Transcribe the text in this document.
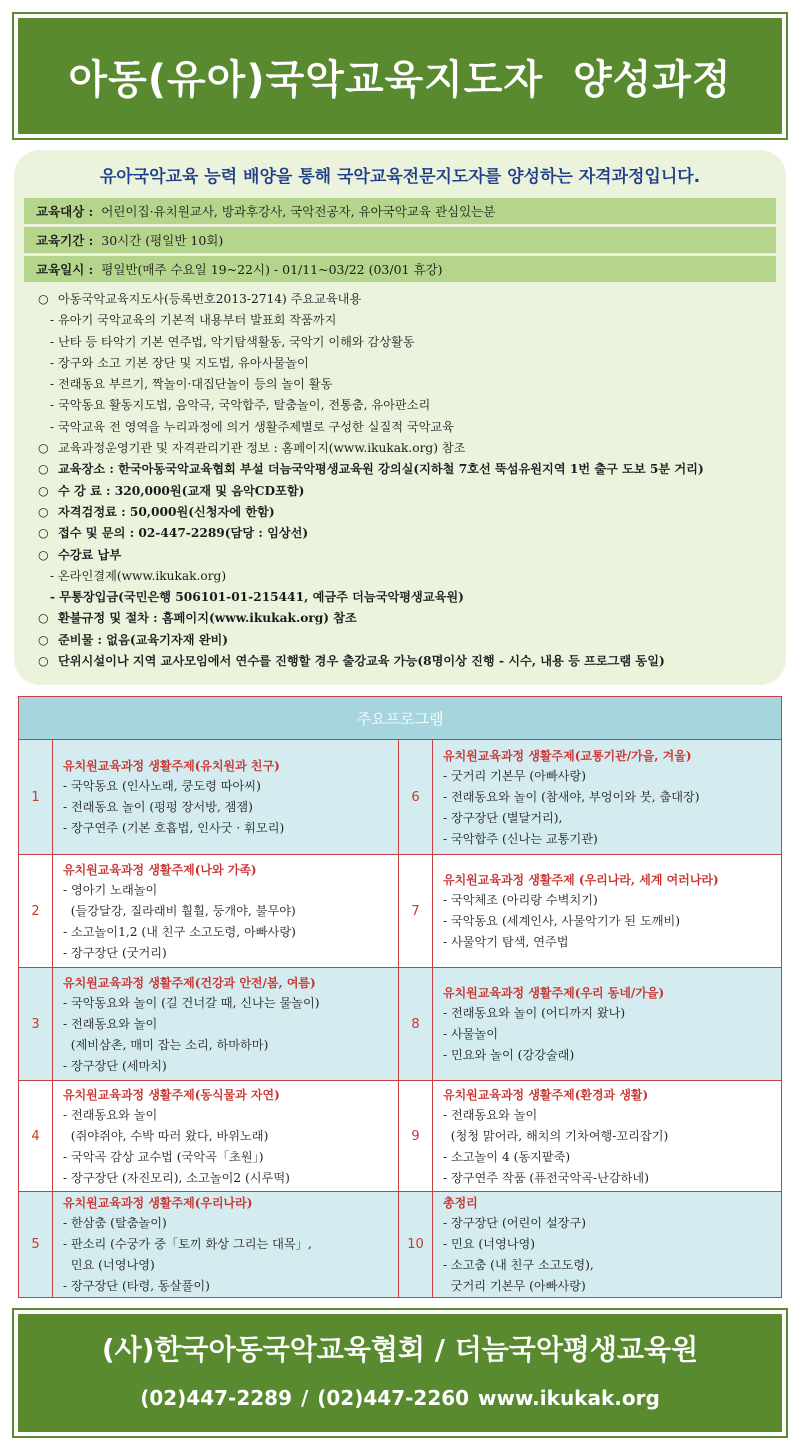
아동(유아)국악교육지도자  양성과정
유아국악교육 능력 배양을 통해 국악교육전문지도자를 양성하는 자격과정입니다.
교육대상 : 어린이집·유치원교사, 방과후강사, 국악전공자, 유아국악교육 관심있는분
교육기간 : 30시간 (평일반 10회)
교육일시 : 평일반(매주 수요일 19~22시) - 01/11~03/22 (03/01 휴강)
○ 아동국악교육지도사(등록번호2013-2714) 주요교육내용
- 유아기 국악교육의 기본적 내용부터 발표회 작품까지
- 난타 등 타악기 기본 연주법, 악기탐색활동, 국악기 이해와 감상활동
- 장구와 소고 기본 장단 및 지도법, 유아사물놀이
- 전래동요 부르기, 짝놀이·대집단놀이 등의 놀이 활동
- 국악동요 활동지도법, 음악극, 국악합주, 탈춤놀이, 전통춤, 유아판소리
- 국악교육 전 영역을 누리과정에 의거 생활주제별로 구성한 실질적 국악교육
○ 교육과정운영기관 및 자격관리기관 정보 : 홈페이지(www.ikukak.org) 참조
○ 교육장소 : 한국아동국악교육협회 부설 더늠국악평생교육원 강의실(지하철 7호선 뚝섬유원지역 1번 출구 도보 5분 거리)
○ 수 강 료 : 320,000원(교재 및 음악CD포함)
○ 자격검정료 : 50,000원(신청자에 한함)
○ 접수 및 문의 : 02-447-2289(담당 : 임상선)
○ 수강료 납부
- 온라인결제(www.ikukak.org)
- 무통장입금(국민은행 506101-01-215441, 예금주 더늠국악평생교육원)
○ 환불규정 및 절차 : 홈페이지(www.ikukak.org) 참조
○ 준비물 : 없음(교육기자재 완비)
○ 단위시설이나 지역 교사모임에서 연수를 진행할 경우 출강교육 가능(8명이상 진행 - 시수, 내용 등 프로그램 동일)
주요프로그램
1
유치원교육과정 생활주제(유치원과 친구)
- 국악동요 (인사노래, 쿵도령 따아씨)
- 전래동요 놀이 (펑펑 장서방, 잼잼)
- 장구연주 (기본 호흡법, 인사굿 · 휘모리)
6
유치원교육과정 생활주제(교통기관/가을, 겨울)
- 굿거리 기본무 (아빠사랑)
- 전래동요와 놀이 (참새야, 부엉이와 붓, 춥대장)
- 장구장단 (별달거리),
- 국악합주 (신나는 교통기관)
2
유치원교육과정 생활주제(나와 가족)
- 영아기 노래놀이
(들강달강, 질라래비 훨훨, 둥개야, 불무야)
- 소고놀이1,2 (내 친구 소고도령, 아빠사랑)
- 장구장단 (굿거리)
7
유치원교육과정 생활주제 (우리나라, 세계 여러나라)
- 국악체조 (아리랑 수벽치기)
- 국악동요 (세계인사, 사물악기가 된 도깨비)
- 사물악기 탐색, 연주법
3
유치원교육과정 생활주제(건강과 안전/봄, 여름)
- 국악동요와 놀이 (길 건너갈 때, 신나는 물놀이)
- 전래동요와 놀이
(제비삼촌, 매미 잡는 소리, 하마하마)
- 장구장단 (세마치)
8
유치원교육과정 생활주제(우리 동네/가을)
- 전래동요와 놀이 (어디까지 왔나)
- 사물놀이
- 민요와 놀이 (강강술래)
4
유치원교육과정 생활주제(동식물과 자연)
- 전래동요와 놀이
(쥐야쥐야, 수박 따러 왔다, 바위노래)
- 국악곡 감상 교수법 (국악곡「초원」)
- 장구장단 (자진모리), 소고놀이2 (시루떡)
9
유치원교육과정 생활주제(환경과 생활)
- 전래동요와 놀이
(청청 맑어라, 해치의 기차여행-꼬리잡기)
- 소고놀이 4 (동지팥죽)
- 장구연주 작품 (퓨전국악곡-난감하네)
5
유치원교육과정 생활주제(우리나라)
- 한삼춤 (탈춤놀이)
- 판소리 (수궁가 중「토끼 화상 그리는 대목」,
민요 (너영나영)
- 장구장단 (타령, 동살풀이)
10
총정리
- 장구장단 (어린이 설장구)
- 민요 (너영나영)
- 소고춤 (내 친구 소고도령),
굿거리 기본무 (아빠사랑)
(사)한국아동국악교육협회 / 더늠국악평생교육원
(02)447-2289 / (02)447-2260 www.ikukak.org
